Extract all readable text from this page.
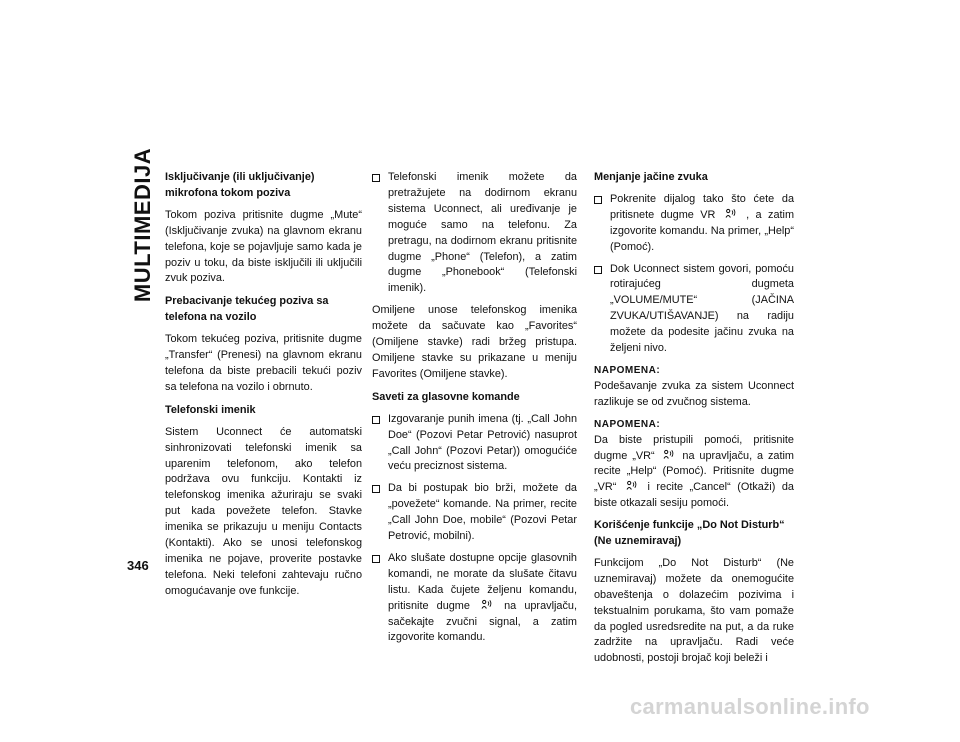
MULTIMEDIJA
346
Isključivanje (ili uključivanje) mikrofona tokom poziva
Tokom poziva pritisnite dugme „Mute“ (Isključivanje zvuka) na glavnom ekranu telefona, koje se pojavljuje samo kada je poziv u toku, da biste isključili ili uključili zvuk poziva.
Prebacivanje tekućeg poziva sa telefona na vozilo
Tokom tekućeg poziva, pritisnite dugme „Transfer“ (Prenesi) na glavnom ekranu telefona da biste prebacili tekući poziv sa telefona na vozilo i obrnuto.
Telefonski imenik
Sistem Uconnect će automatski sinhronizovati telefonski imenik sa uparenim telefonom, ako telefon podržava ovu funkciju. Kontakti iz telefonskog imenika ažuriraju se svaki put kada povežete telefon. Stavke imenika se prikazuju u meniju Contacts (Kontakti). Ako se unosi telefonskog imenika ne pojave, proverite postavke telefona. Neki telefoni zahtevaju ručno omogućavanje ove funkcije.
Telefonski imenik možete da pretražujete na dodirnom ekranu sistema Uconnect, ali uređivanje je moguće samo na telefonu. Za pretragu, na dodirnom ekranu pritisnite dugme „Phone“ (Telefon), a zatim dugme „Phonebook“ (Telefonski imenik).
Omiljene unose telefonskog imenika možete da sačuvate kao „Favorites“ (Omiljene stavke) radi bržeg pristupa. Omiljene stavke su prikazane u meniju Favorites (Omiljene stavke).
Saveti za glasovne komande
Izgovaranje punih imena (tj. „Call John Doe“ (Pozovi Petar Petrović) nasuprot „Call John“ (Pozovi Petar)) omogućiće veću preciznost sistema.
Da bi postupak bio brži, možete da „povežete“ komande. Na primer, recite „Call John Doe, mobile“ (Pozovi Petar Petrović, mobilni).
Ako slušate dostupne opcije glasovnih komandi, ne morate da slušate čitavu listu. Kada čujete željenu komandu, pritisnite dugme	na upravljaču, sačekajte zvučni signal, a zatim izgovorite komandu.
Menjanje jačine zvuka
Pokrenite dijalog tako što ćete da pritisnete dugme VR	, a zatim izgovorite komandu. Na primer, „Help“ (Pomoć).
Dok Uconnect sistem govori, pomoću rotirajućeg dugmeta „VOLUME/MUTE“ (JAČINA ZVUKA/UTIŠAVANJE) na radiju možete da podesite jačinu zvuka na željeni nivo.
NAPOMENA:
Podešavanje zvuka za sistem Uconnect razlikuje se od zvučnog sistema.
NAPOMENA:
Da biste pristupili pomoći, pritisnite dugme „VR“	na upravljaču, a zatim recite „Help“ (Pomoć). Pritisnite dugme „VR“	i recite „Cancel“ (Otkaži) da biste otkazali sesiju pomoći.
Korišćenje funkcije „Do Not Disturb“ (Ne uznemiravaj)
Funkcijom „Do Not Disturb“ (Ne uznemiravaj) možete da onemogućite obaveštenja o dolazećim pozivima i tekstualnim porukama, što vam pomaže da pogled usredsredite na put, a da ruke zadržite na upravljaču. Radi veće udobnosti, postoji brojač koji beleži i
carmanualsonline.info
